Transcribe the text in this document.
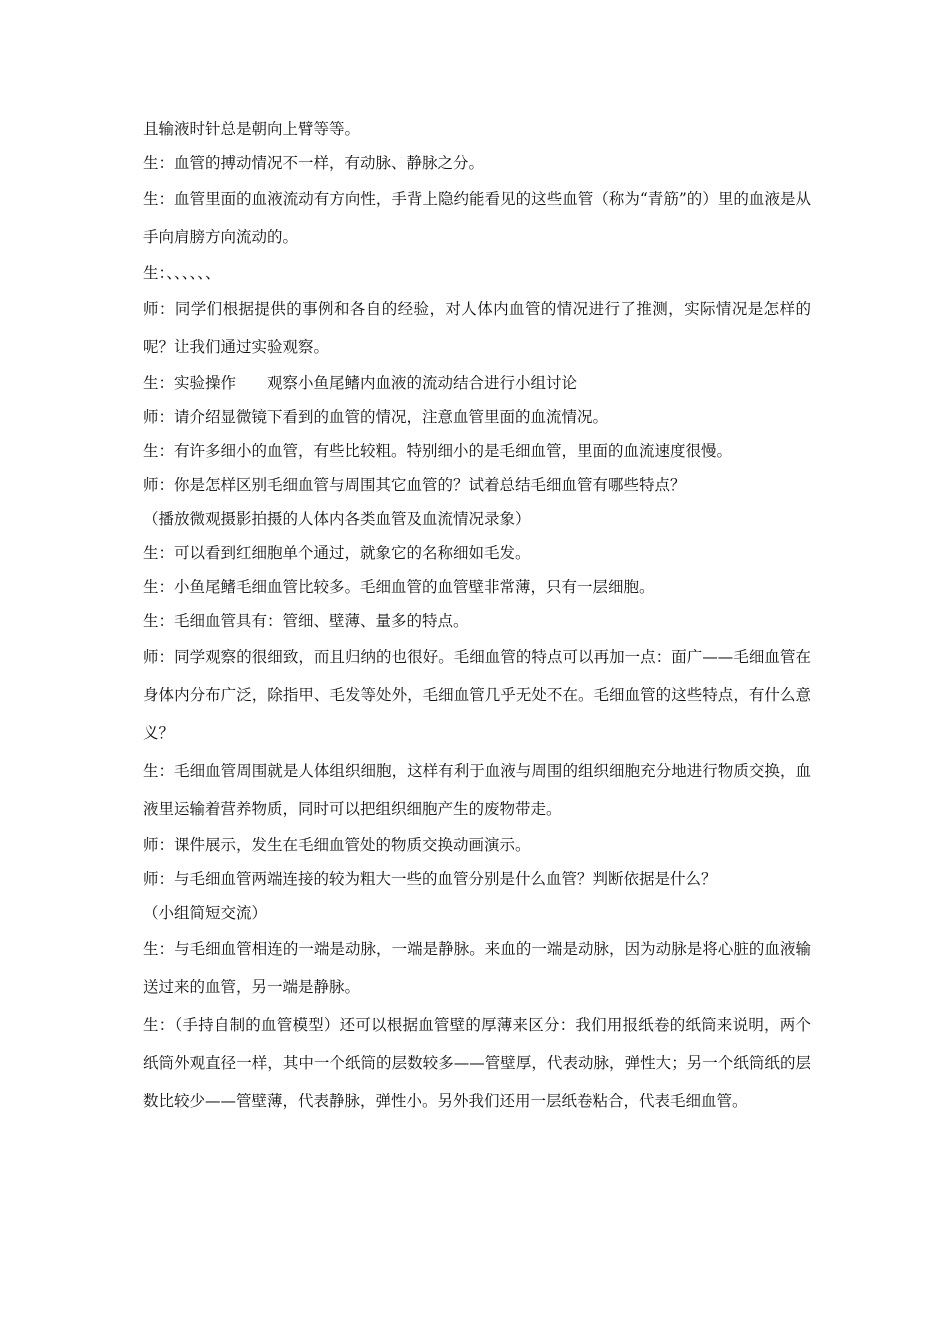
且输液时针总是朝向上臂等等。

生：血管的搏动情况不一样，有动脉、静脉之分。

生：血管里面的血液流动有方向性，手背上隐约能看见的这些血管（称为“青筋”的）里的血液是从手向肩膀方向流动的。

生：、、、、、、

师：同学们根据提供的事例和各自的经验，对人体内血管的情况进行了推测，实际情况是怎样的呢？让我们通过实验观察。

生：实验操作　　观察小鱼尾鳍内血液的流动结合进行小组讨论

师：请介绍显微镜下看到的血管的情况，注意血管里面的血流情况。

生：有许多细小的血管，有些比较粗。特别细小的是毛细血管，里面的血流速度很慢。

师：你是怎样区别毛细血管与周围其它血管的？试着总结毛细血管有哪些特点？

（播放微观摄影拍摄的人体内各类血管及血流情况录象）

生：可以看到红细胞单个通过，就象它的名称细如毛发。

生：小鱼尾鳍毛细血管比较多。毛细血管的血管壁非常薄，只有一层细胞。

生：毛细血管具有：管细、壁薄、量多的特点。

师：同学观察的很细致，而且归纳的也很好。毛细血管的特点可以再加一点：面广——毛细血管在身体内分布广泛，除指甲、毛发等处外，毛细血管几乎无处不在。毛细血管的这些特点，有什么意义？

生：毛细血管周围就是人体组织细胞，这样有利于血液与周围的组织细胞充分地进行物质交换，血液里运输着营养物质，同时可以把组织细胞产生的废物带走。

师：课件展示，发生在毛细血管处的物质交换动画演示。

师：与毛细血管两端连接的较为粗大一些的血管分别是什么血管？判断依据是什么？

（小组简短交流）

生：与毛细血管相连的一端是动脉，一端是静脉。来血的一端是动脉，因为动脉是将心脏的血液输送过来的血管，另一端是静脉。

生：（手持自制的血管模型）还可以根据血管壁的厚薄来区分：我们用报纸卷的纸筒来说明，两个纸筒外观直径一样，其中一个纸筒的层数较多——管壁厚，代表动脉，弹性大；另一个纸筒纸的层数比较少——管壁薄，代表静脉，弹性小。另外我们还用一层纸卷粘合，代表毛细血管。
